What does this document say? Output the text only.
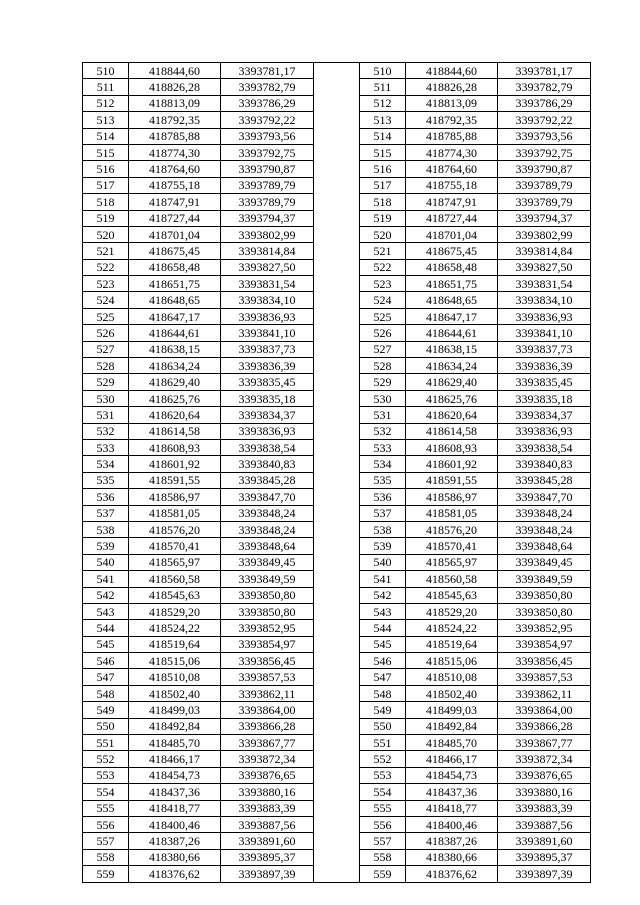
510	418844,60	3393781,17		510	418844,60	3393781,17
511	418826,28	3393782,79		511	418826,28	3393782,79
512	418813,09	3393786,29		512	418813,09	3393786,29
513	418792,35	3393792,22		513	418792,35	3393792,22
514	418785,88	3393793,56		514	418785,88	3393793,56
515	418774,30	3393792,75		515	418774,30	3393792,75
516	418764,60	3393790,87		516	418764,60	3393790,87
517	418755,18	3393789,79		517	418755,18	3393789,79
518	418747,91	3393789,79		518	418747,91	3393789,79
519	418727,44	3393794,37		519	418727,44	3393794,37
520	418701,04	3393802,99		520	418701,04	3393802,99
521	418675,45	3393814,84		521	418675,45	3393814,84
522	418658,48	3393827,50		522	418658,48	3393827,50
523	418651,75	3393831,54		523	418651,75	3393831,54
524	418648,65	3393834,10		524	418648,65	3393834,10
525	418647,17	3393836,93		525	418647,17	3393836,93
526	418644,61	3393841,10		526	418644,61	3393841,10
527	418638,15	3393837,73		527	418638,15	3393837,73
528	418634,24	3393836,39		528	418634,24	3393836,39
529	418629,40	3393835,45		529	418629,40	3393835,45
530	418625,76	3393835,18		530	418625,76	3393835,18
531	418620,64	3393834,37		531	418620,64	3393834,37
532	418614,58	3393836,93		532	418614,58	3393836,93
533	418608,93	3393838,54		533	418608,93	3393838,54
534	418601,92	3393840,83		534	418601,92	3393840,83
535	418591,55	3393845,28		535	418591,55	3393845,28
536	418586,97	3393847,70		536	418586,97	3393847,70
537	418581,05	3393848,24		537	418581,05	3393848,24
538	418576,20	3393848,24		538	418576,20	3393848,24
539	418570,41	3393848,64		539	418570,41	3393848,64
540	418565,97	3393849,45		540	418565,97	3393849,45
541	418560,58	3393849,59		541	418560,58	3393849,59
542	418545,63	3393850,80		542	418545,63	3393850,80
543	418529,20	3393850,80		543	418529,20	3393850,80
544	418524,22	3393852,95		544	418524,22	3393852,95
545	418519,64	3393854,97		545	418519,64	3393854,97
546	418515,06	3393856,45		546	418515,06	3393856,45
547	418510,08	3393857,53		547	418510,08	3393857,53
548	418502,40	3393862,11		548	418502,40	3393862,11
549	418499,03	3393864,00		549	418499,03	3393864,00
550	418492,84	3393866,28		550	418492,84	3393866,28
551	418485,70	3393867,77		551	418485,70	3393867,77
552	418466,17	3393872,34		552	418466,17	3393872,34
553	418454,73	3393876,65		553	418454,73	3393876,65
554	418437,36	3393880,16		554	418437,36	3393880,16
555	418418,77	3393883,39		555	418418,77	3393883,39
556	418400,46	3393887,56		556	418400,46	3393887,56
557	418387,26	3393891,60		557	418387,26	3393891,60
558	418380,66	3393895,37		558	418380,66	3393895,37
559	418376,62	3393897,39		559	418376,62	3393897,39
